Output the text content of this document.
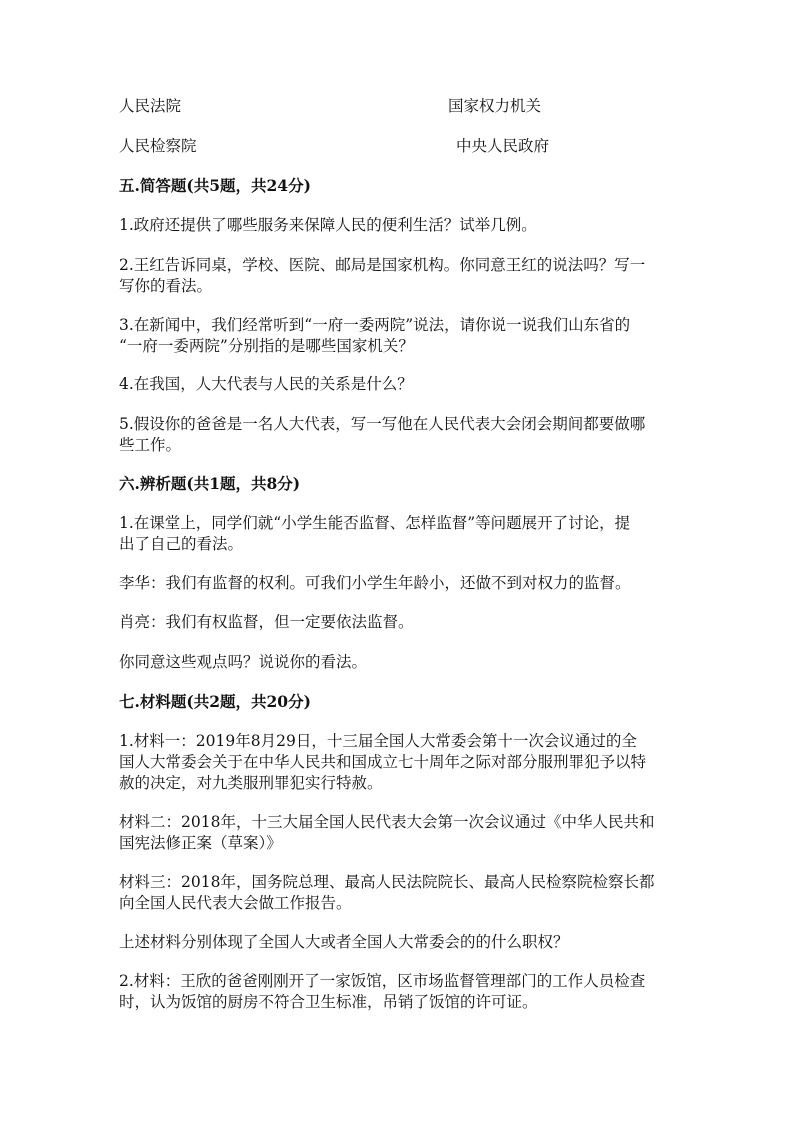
人民法院	国家权力机关
人民检察院	中央人民政府
五.简答题(共5题，共24分)
1.政府还提供了哪些服务来保障人民的便利生活？试举几例。
2.王红告诉同桌，学校、医院、邮局是国家机构。你同意王红的说法吗？写一
写你的看法。
3.在新闻中，我们经常听到“一府一委两院”说法，请你说一说我们山东省的
“一府一委两院”分别指的是哪些国家机关？
4.在我国，人大代表与人民的关系是什么？
5.假设你的爸爸是一名人大代表，写一写他在人民代表大会闭会期间都要做哪
些工作。
六.辨析题(共1题，共8分)
1.在课堂上，同学们就“小学生能否监督、怎样监督”等问题展开了讨论，提
出了自己的看法。
李华：我们有监督的权利。可我们小学生年龄小，还做不到对权力的监督。
肖亮：我们有权监督，但一定要依法监督。
你同意这些观点吗？说说你的看法。
七.材料题(共2题，共20分)
1.材料一：2019年8月29日，十三届全国人大常委会第十一次会议通过的全
国人大常委会关于在中华人民共和国成立七十周年之际对部分服刑罪犯予以特
赦的决定，对九类服刑罪犯实行特赦。
材料二：2018年，十三大届全国人民代表大会第一次会议通过《中华人民共和
国宪法修正案（草案）》
材料三：2018年，国务院总理、最高人民法院院长、最高人民检察院检察长都
向全国人民代表大会做工作报告。
上述材料分别体现了全国人大或者全国人大常委会的的什么职权？
2.材料：王欣的爸爸刚刚开了一家饭馆，区市场监督管理部门的工作人员检查
时，认为饭馆的厨房不符合卫生标准，吊销了饭馆的许可证。
